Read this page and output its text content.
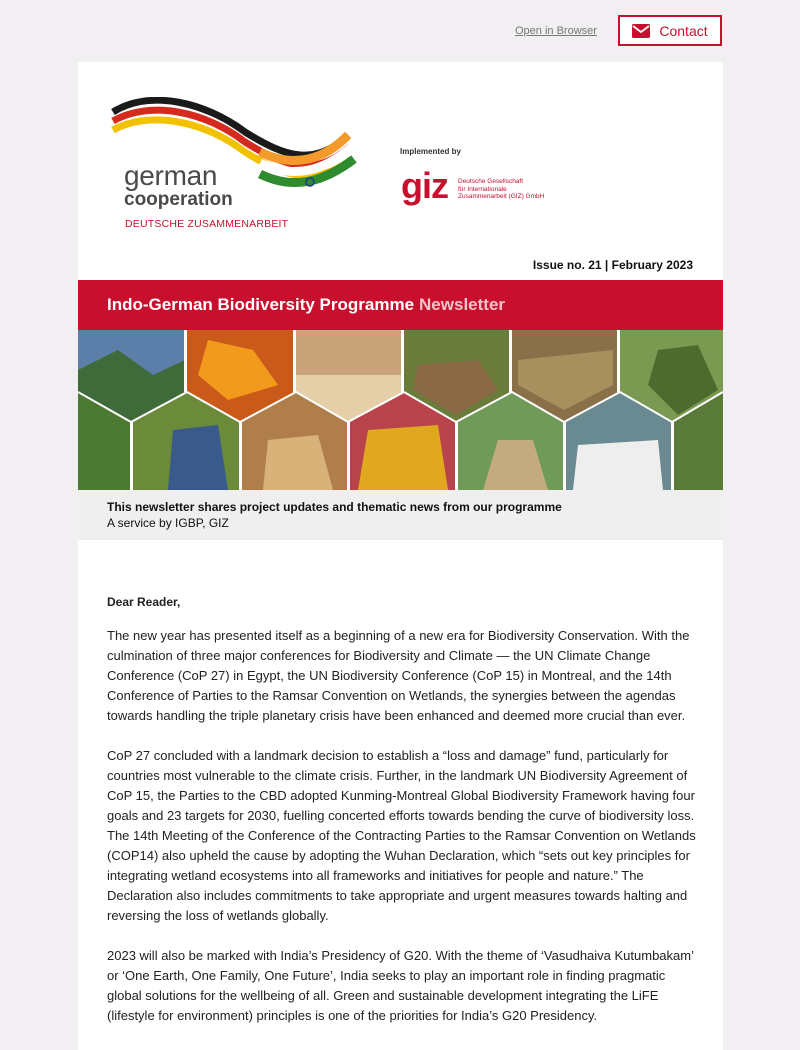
Open in Browser	Contact
german
cooperation
DEUTSCHE ZUSAMMENARBEIT
Implemented by
giz Deutsche Gesellschaft
für Internationale
Zusammenarbeit (GIZ) GmbH
Issue no. 21 | February 2023
Indo-German Biodiversity Programme Newsletter
This newsletter shares project updates and thematic news from our programme
A service by IGBP, GIZ
Dear Reader,

The new year has presented itself as a beginning of a new era for Biodiversity Conservation. With the culmination of three major conferences for Biodiversity and Climate — the UN Climate Change Conference (CoP 27) in Egypt, the UN Biodiversity Conference (CoP 15) in Montreal, and the 14th Conference of Parties to the Ramsar Convention on Wetlands, the synergies between the agendas towards handling the triple planetary crisis have been enhanced and deemed more crucial than ever.

CoP 27 concluded with a landmark decision to establish a “loss and damage” fund, particularly for countries most vulnerable to the climate crisis. Further, in the landmark UN Biodiversity Agreement of CoP 15, the Parties to the CBD adopted Kunming-Montreal Global Biodiversity Framework having four goals and 23 targets for 2030, fuelling concerted efforts towards bending the curve of biodiversity loss. The 14th Meeting of the Conference of the Contracting Parties to the Ramsar Convention on Wetlands (COP14) also upheld the cause by adopting the Wuhan Declaration, which “sets out key principles for integrating wetland ecosystems into all frameworks and initiatives for people and nature.” The Declaration also includes commitments to take appropriate and urgent measures towards halting and reversing the loss of wetlands globally.

2023 will also be marked with India’s Presidency of G20. With the theme of ‘Vasudhaiva Kutumbakam’ or ‘One Earth, One Family, One Future’, India seeks to play an important role in finding pragmatic global solutions for the wellbeing of all. Green and sustainable development integrating the LiFE (lifestyle for environment) principles is one of the priorities for India’s G20 Presidency.
